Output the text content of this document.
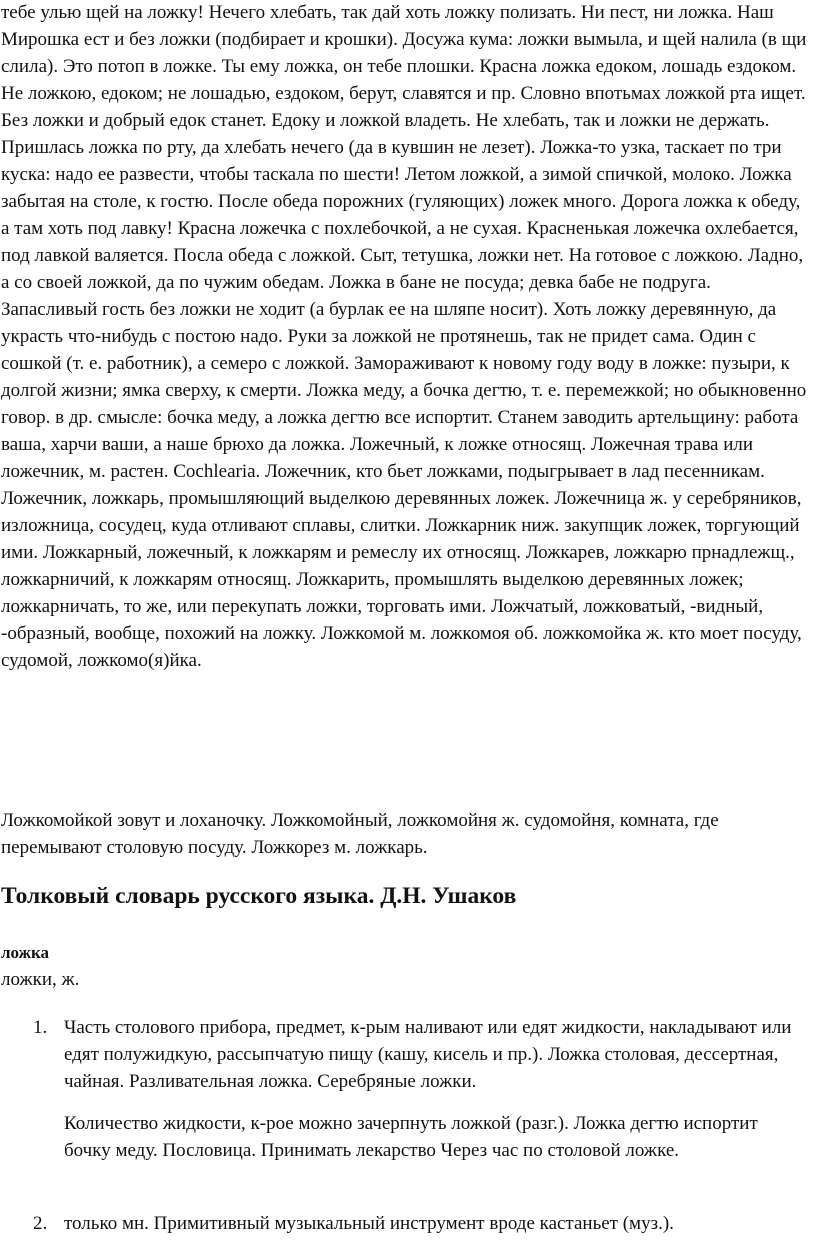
тебе улью щей на ложку! Нечего хлебать, так дай хоть ложку полизать. Ни пест, ни ложка. Наш Мирошка ест и без ложки (подбирает и крошки). Досужа кума: ложки вымыла, и щей налила (в щи слила). Это потоп в ложке. Ты ему ложка, он тебе плошки. Красна ложка едоком, лошадь ездоком. Не ложкою, едоком; не лошадью, ездоком, берут, славятся и пр. Словно впотьмах ложкой рта ищет. Без ложки и добрый едок станет. Едоку и ложкой владеть. Не хлебать, так и ложки не держать. Пришлась ложка по рту, да хлебать нечего (да в кувшин не лезет). Ложка-то узка, таскает по три куска: надо ее развести, чтобы таскала по шести! Летом ложкой, а зимой спичкой, молоко. Ложка забытая на столе, к гостю. После обеда порожних (гуляющих) ложек много. Дорога ложка к обеду, а там хоть под лавку! Красна ложечка с похлебочкой, а не сухая. Красненькая ложечка охлебается, под лавкой валяется. Посла обеда с ложкой. Сыт, тетушка, ложки нет. На готовое с ложкою. Ладно, а со своей ложкой, да по чужим обедам. Ложка в бане не посуда; девка бабе не подруга. Запасливый гость без ложки не ходит (а бурлак ее на шляпе носит). Хоть ложку деревянную, да украсть что-нибудь с постою надо. Руки за ложкой не протянешь, так не придет сама. Один с сошкой (т. е. работник), а семеро с ложкой. Замораживают к новому году воду в ложке: пузыри, к долгой жизни; ямка сверху, к смерти. Ложка меду, а бочка дегтю, т. е. перемежкой; но обыкновенно говор. в др. смысле: бочка меду, а ложка дегтю все испортит. Станем заводить артельщину: работа ваша, харчи ваши, а наше брюхо да ложка. Ложечный, к ложке относящ. Ложечная трава или ложечник, м. растен. Cochlearia. Ложечник, кто бьет ложками, подыгрывает в лад песенникам. Ложечник, ложкарь, промышляющий выделкою деревянных ложек. Ложечница ж. у серебряников, изложница, сосудец, куда отливают сплавы, слитки. Ложкарник ниж. закупщик ложек, торгующий ими. Ложкарный, ложечный, к ложкарям и ремеслу их относящ. Ложкарев, ложкарю прнадлежщ., ложкарничий, к ложкарям относящ. Ложкарить, промышлять выделкою деревянных ложек; ложкарничать, то же, или перекупать ложки, торговать ими. Ложчатый, ложковатый, -видный, -образный, вообще, похожий на ложку. Ложкомой м. ложкомоя об. ложкомойка ж. кто моет посуду, судомой, ложкомо(я)йка.

Ложкомойкой зовут и лоханочку. Ложкомойный, ложкомойня ж. судомойня, комната, где перемывают столовую посуду. Ложкорез м. ложкарь.

Толковый словарь русского языка. Д.Н. Ушаков

ложка

ложки, ж.

1. Часть столового прибора, предмет, к-рым наливают или едят жидкости, накладывают или едят полужидкую, рассыпчатую пищу (кашу, кисель и пр.). Ложка столовая, дессертная, чайная. Разливательная ложка. Серебряные ложки.

Количество жидкости, к-рое можно зачерпнуть ложкой (разг.). Ложка дегтю испортит бочку меду. Пословица. Принимать лекарство Через час по столовой ложке.

2. только мн. Примитивный музыкальный инструмент вроде кастаньет (муз.).
